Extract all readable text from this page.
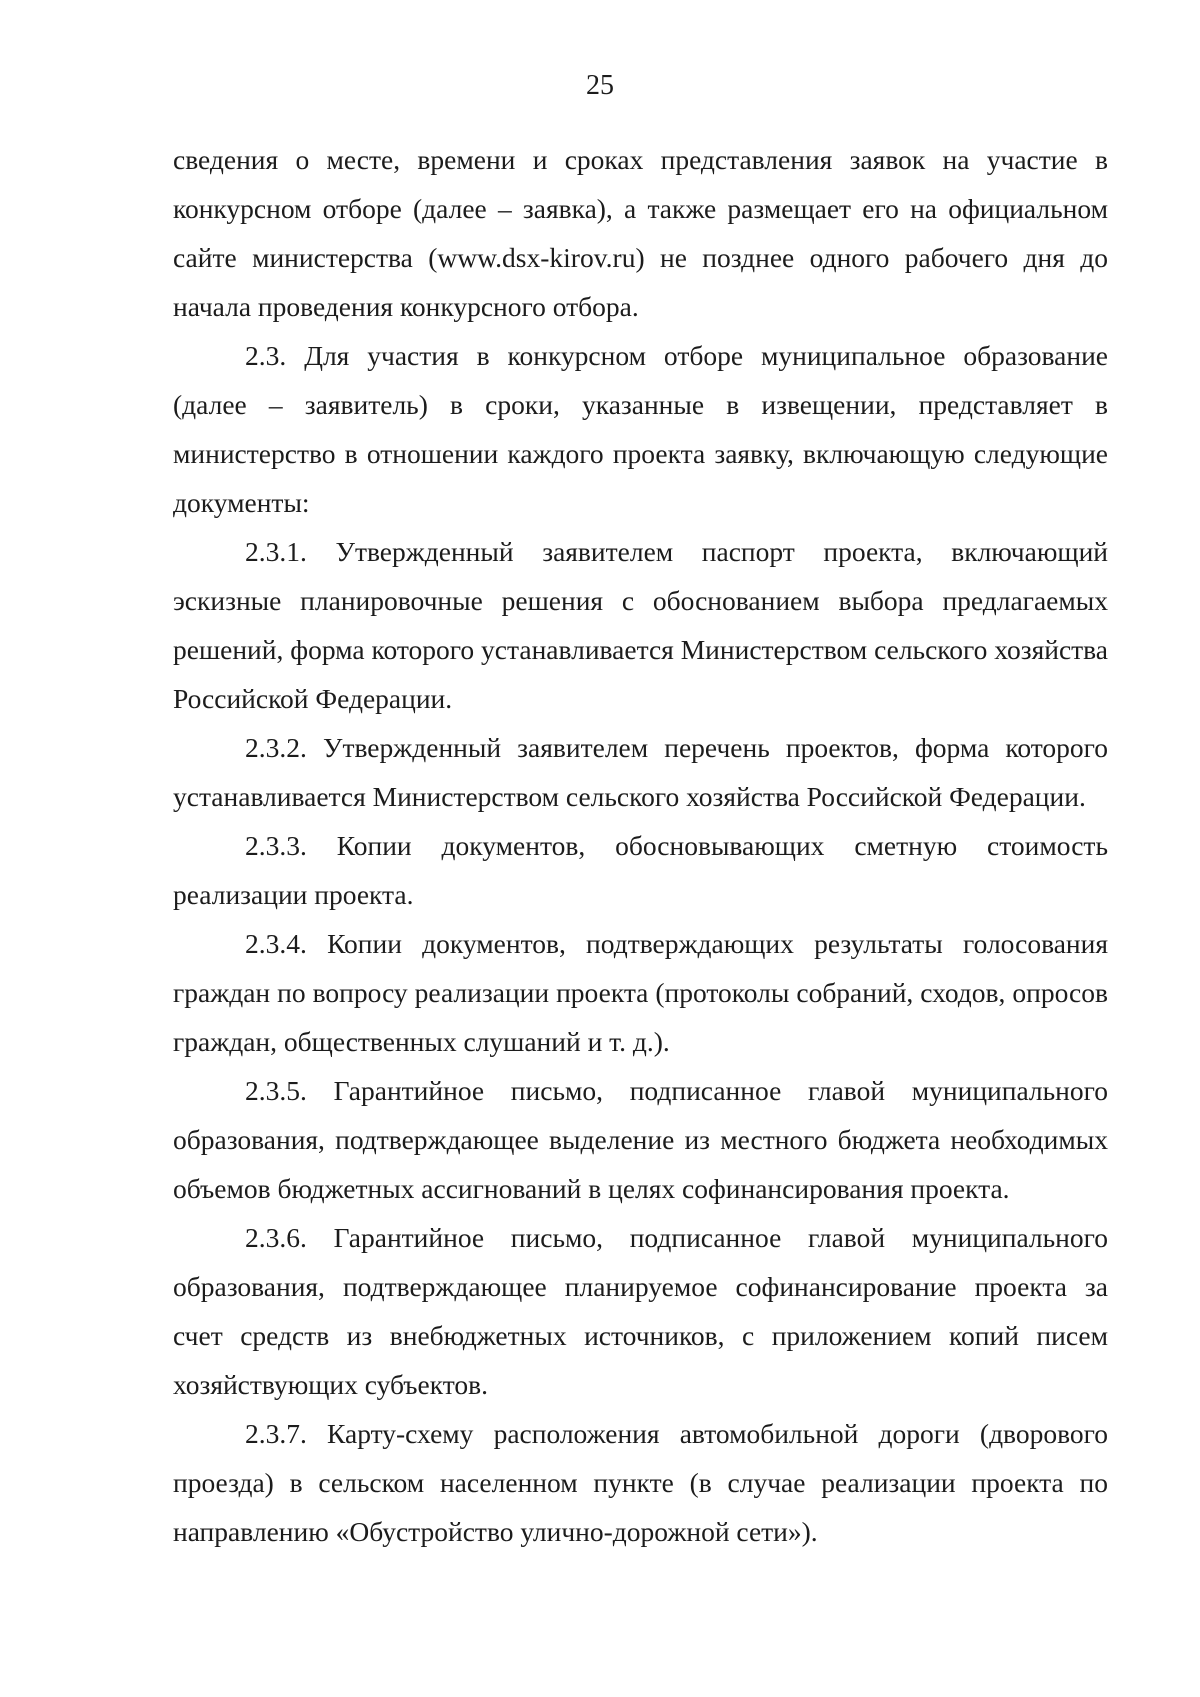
25

сведения о месте, времени и сроках представления заявок на участие в конкурсном отборе (далее – заявка), а также размещает его на официальном сайте министерства (www.dsx-kirov.ru) не позднее одного рабочего дня до начала проведения конкурсного отбора.

2.3. Для участия в конкурсном отборе муниципальное образование (далее – заявитель) в сроки, указанные в извещении, представляет в министерство в отношении каждого проекта заявку, включающую следующие документы:

2.3.1. Утвержденный заявителем паспорт проекта, включающий эскизные планировочные решения с обоснованием выбора предлагаемых решений, форма которого устанавливается Министерством сельского хозяйства Российской Федерации.

2.3.2. Утвержденный заявителем перечень проектов, форма которого устанавливается Министерством сельского хозяйства Российской Федерации.

2.3.3. Копии документов, обосновывающих сметную стоимость реализации проекта.

2.3.4. Копии документов, подтверждающих результаты голосования граждан по вопросу реализации проекта (протоколы собраний, сходов, опросов граждан, общественных слушаний и т. д.).

2.3.5. Гарантийное письмо, подписанное главой муниципального образования, подтверждающее выделение из местного бюджета необходимых объемов бюджетных ассигнований в целях софинансирования проекта.

2.3.6. Гарантийное письмо, подписанное главой муниципального образования, подтверждающее планируемое софинансирование проекта за счет средств из внебюджетных источников, с приложением копий писем хозяйствующих субъектов.

2.3.7. Карту-схему расположения автомобильной дороги (дворового проезда) в сельском населенном пункте (в случае реализации проекта по направлению «Обустройство улично-дорожной сети»).
